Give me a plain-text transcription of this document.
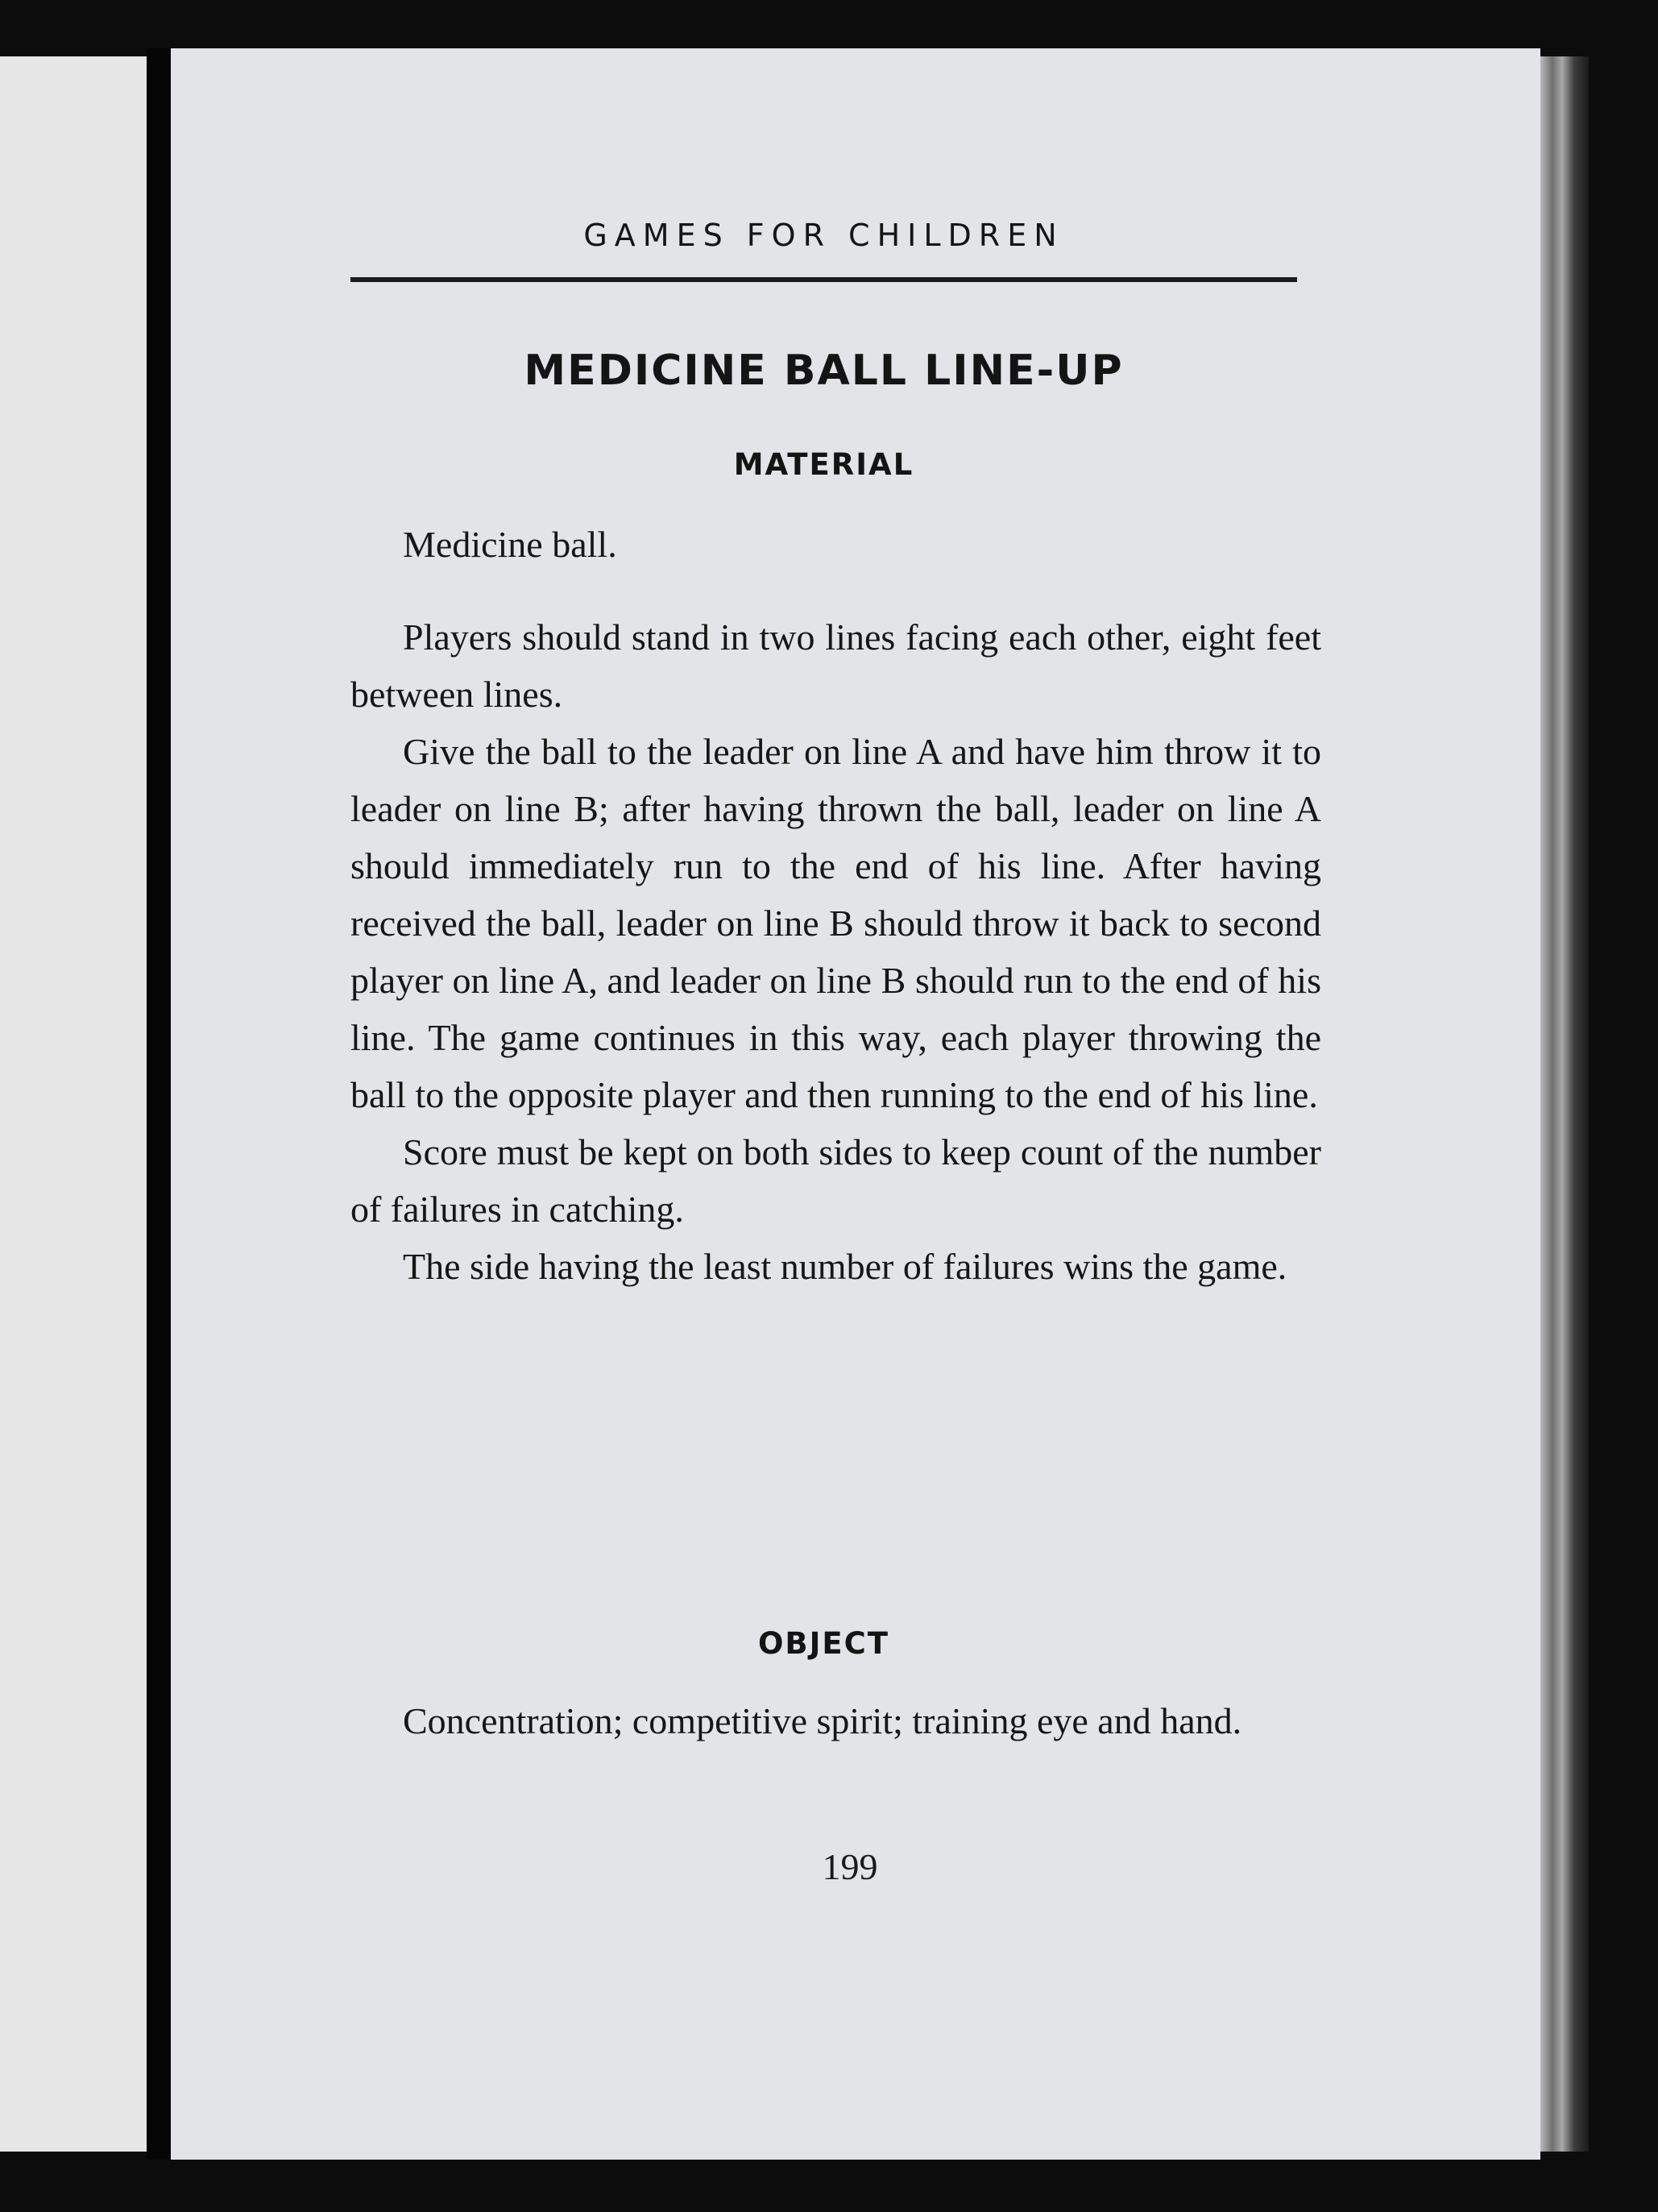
GAMES FOR CHILDREN
MEDICINE BALL LINE-UP
MATERIAL

Medicine ball.

Players should stand in two lines facing each other, eight feet between lines.

Give the ball to the leader on line A and have him throw it to leader on line B; after having thrown the ball, leader on line A should immediately run to the end of his line. After having received the ball, leader on line B should throw it back to second player on line A, and leader on line B should run to the end of his line. The game continues in this way, each player throwing the ball to the opposite player and then running to the end of his line.

Score must be kept on both sides to keep count of the number of failures in catching.

The side having the least number of failures wins the game.

OBJECT

Concentration; competitive spirit; training eye and hand.

199
